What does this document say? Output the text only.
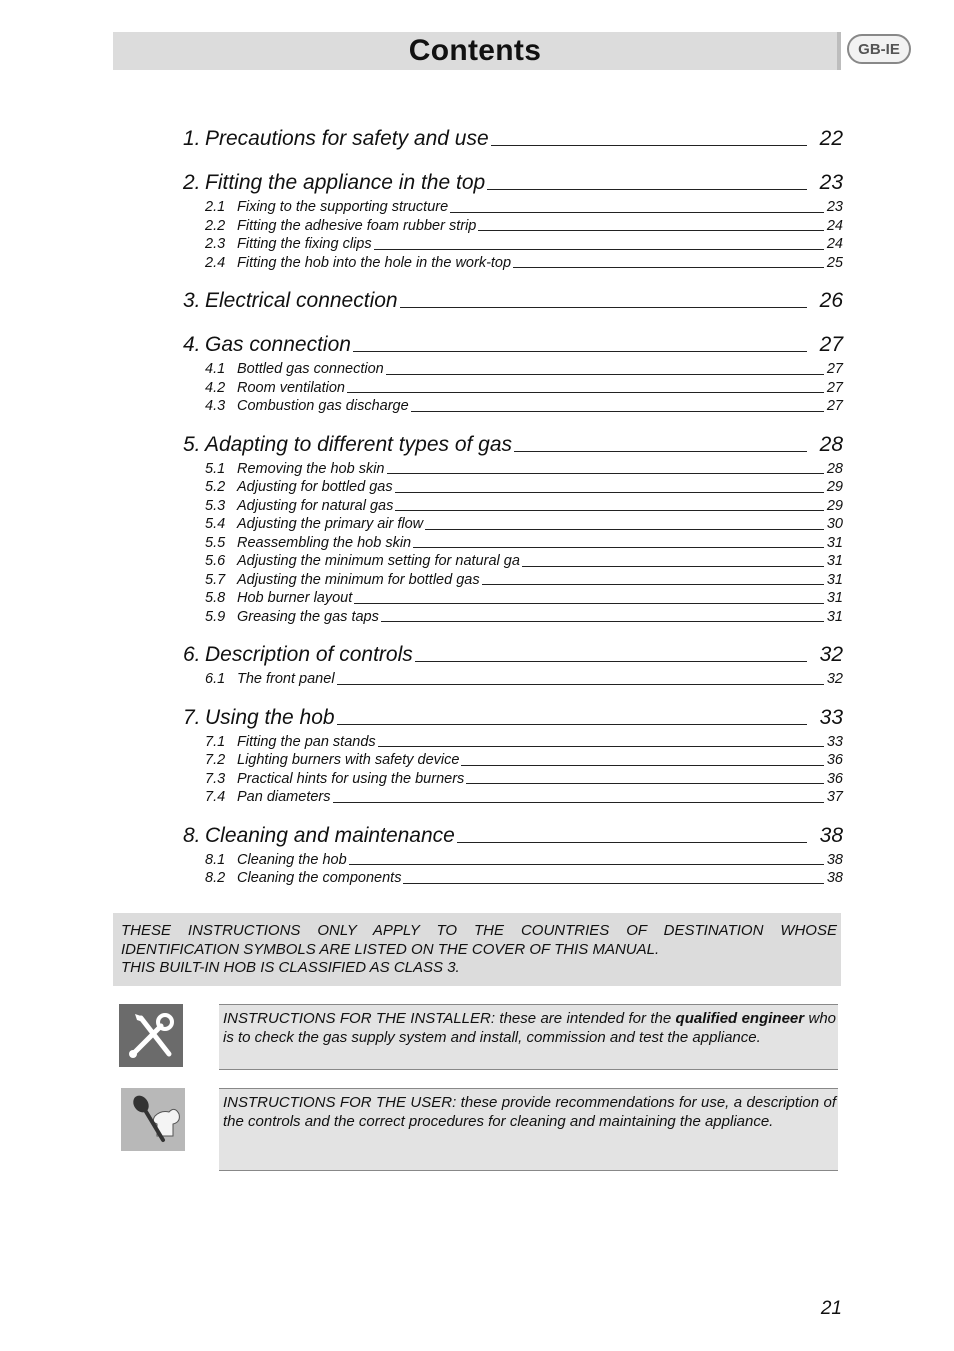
Contents	GB-IE
1. Precautions for safety and use	22
2. Fitting the appliance in the top	23
2.1 Fixing to the supporting structure	23
2.2 Fitting the adhesive foam rubber strip	24
2.3 Fitting the fixing clips	24
2.4 Fitting the hob into the hole in the work-top	25
3. Electrical connection	26
4. Gas connection	27
4.1 Bottled gas connection	27
4.2 Room ventilation	27
4.3 Combustion gas discharge	27
5. Adapting to different types of gas	28
5.1 Removing the hob skin	28
5.2 Adjusting for bottled gas	29
5.3 Adjusting for natural gas	29
5.4 Adjusting the primary air flow	30
5.5 Reassembling the hob skin	31
5.6 Adjusting the minimum setting for natural ga	31
5.7 Adjusting the minimum for bottled gas	31
5.8 Hob burner layout	31
5.9 Greasing the gas taps	31
6. Description of controls	32
6.1 The front panel	32
7. Using the hob	33
7.1 Fitting the pan stands	33
7.2 Lighting burners with safety device	36
7.3 Practical hints for using the burners	36
7.4 Pan diameters	37
8. Cleaning and maintenance	38
8.1 Cleaning the hob	38
8.2 Cleaning the components	38

THESE INSTRUCTIONS ONLY APPLY TO THE COUNTRIES OF DESTINATION WHOSE IDENTIFICATION SYMBOLS ARE LISTED ON THE COVER OF THIS MANUAL.

THIS BUILT-IN HOB IS CLASSIFIED AS CLASS 3.

INSTRUCTIONS FOR THE INSTALLER: these are intended for the qualified engineer who is to check the gas supply system and install, commission and test the appliance.
INSTRUCTIONS FOR THE USER: these provide recommendations for use, a description of the controls and the correct procedures for cleaning and maintaining the appliance.
21
